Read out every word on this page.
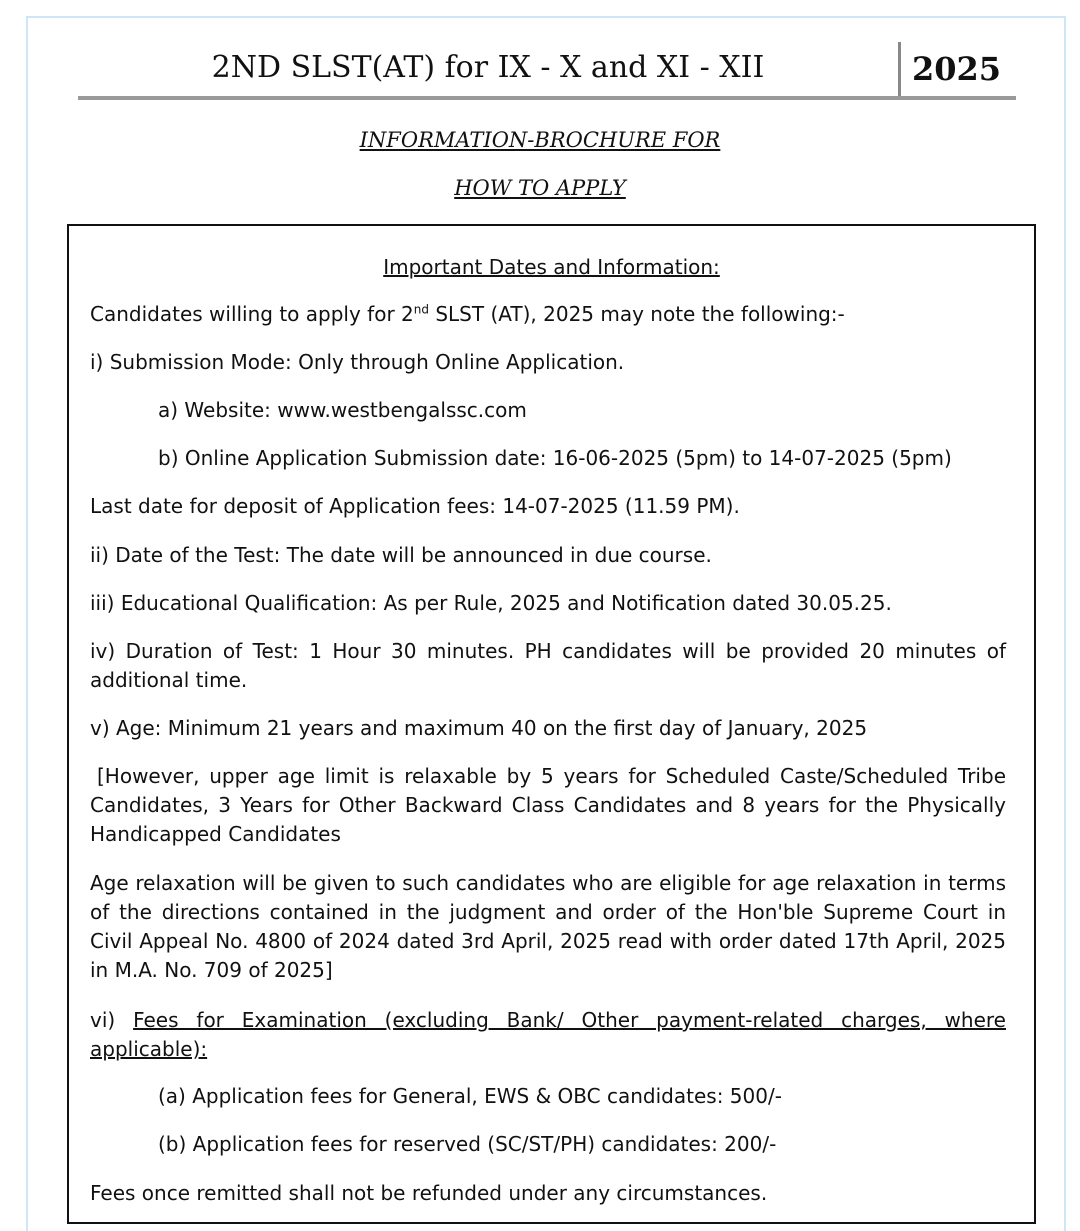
2ND SLST(AT) for IX - X and XI - XII	2025
INFORMATION-BROCHURE FOR
HOW TO APPLY
Important Dates and Information:
Candidates willing to apply for 2nd SLST (AT), 2025 may note the following:-
i) Submission Mode: Only through Online Application.
a) Website: www.westbengalssc.com
b) Online Application Submission date: 16-06-2025 (5pm) to 14-07-2025 (5pm)
Last date for deposit of Application fees: 14-07-2025 (11.59 PM).
ii) Date of the Test: The date will be announced in due course.
iii) Educational Qualification: As per Rule, 2025 and Notification dated 30.05.25.
iv) Duration of Test: 1 Hour 30 minutes. PH candidates will be provided 20 minutes of additional time.
v) Age: Minimum 21 years and maximum 40 on the first day of January, 2025
[However, upper age limit is relaxable by 5 years for Scheduled Caste/Scheduled Tribe Candidates, 3 Years for Other Backward Class Candidates and 8 years for the Physically Handicapped Candidates
Age relaxation will be given to such candidates who are eligible for age relaxation in terms of the directions contained in the judgment and order of the Hon'ble Supreme Court in Civil Appeal No. 4800 of 2024 dated 3rd April, 2025 read with order dated 17th April, 2025 in M.A. No. 709 of 2025]
vi) Fees for Examination (excluding Bank/ Other payment-related charges, where applicable):
(a) Application fees for General, EWS & OBC candidates: 500/-
(b) Application fees for reserved (SC/ST/PH) candidates: 200/-
Fees once remitted shall not be refunded under any circumstances.
